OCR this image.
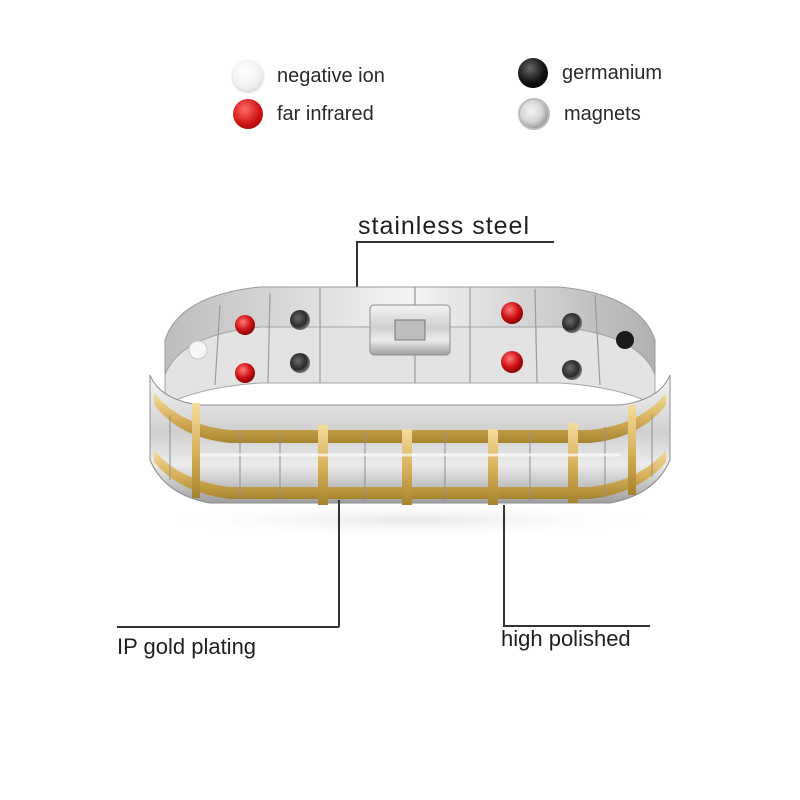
negative ion
far infrared
germanium
magnets
stainless steel
IP gold plating	high polished
